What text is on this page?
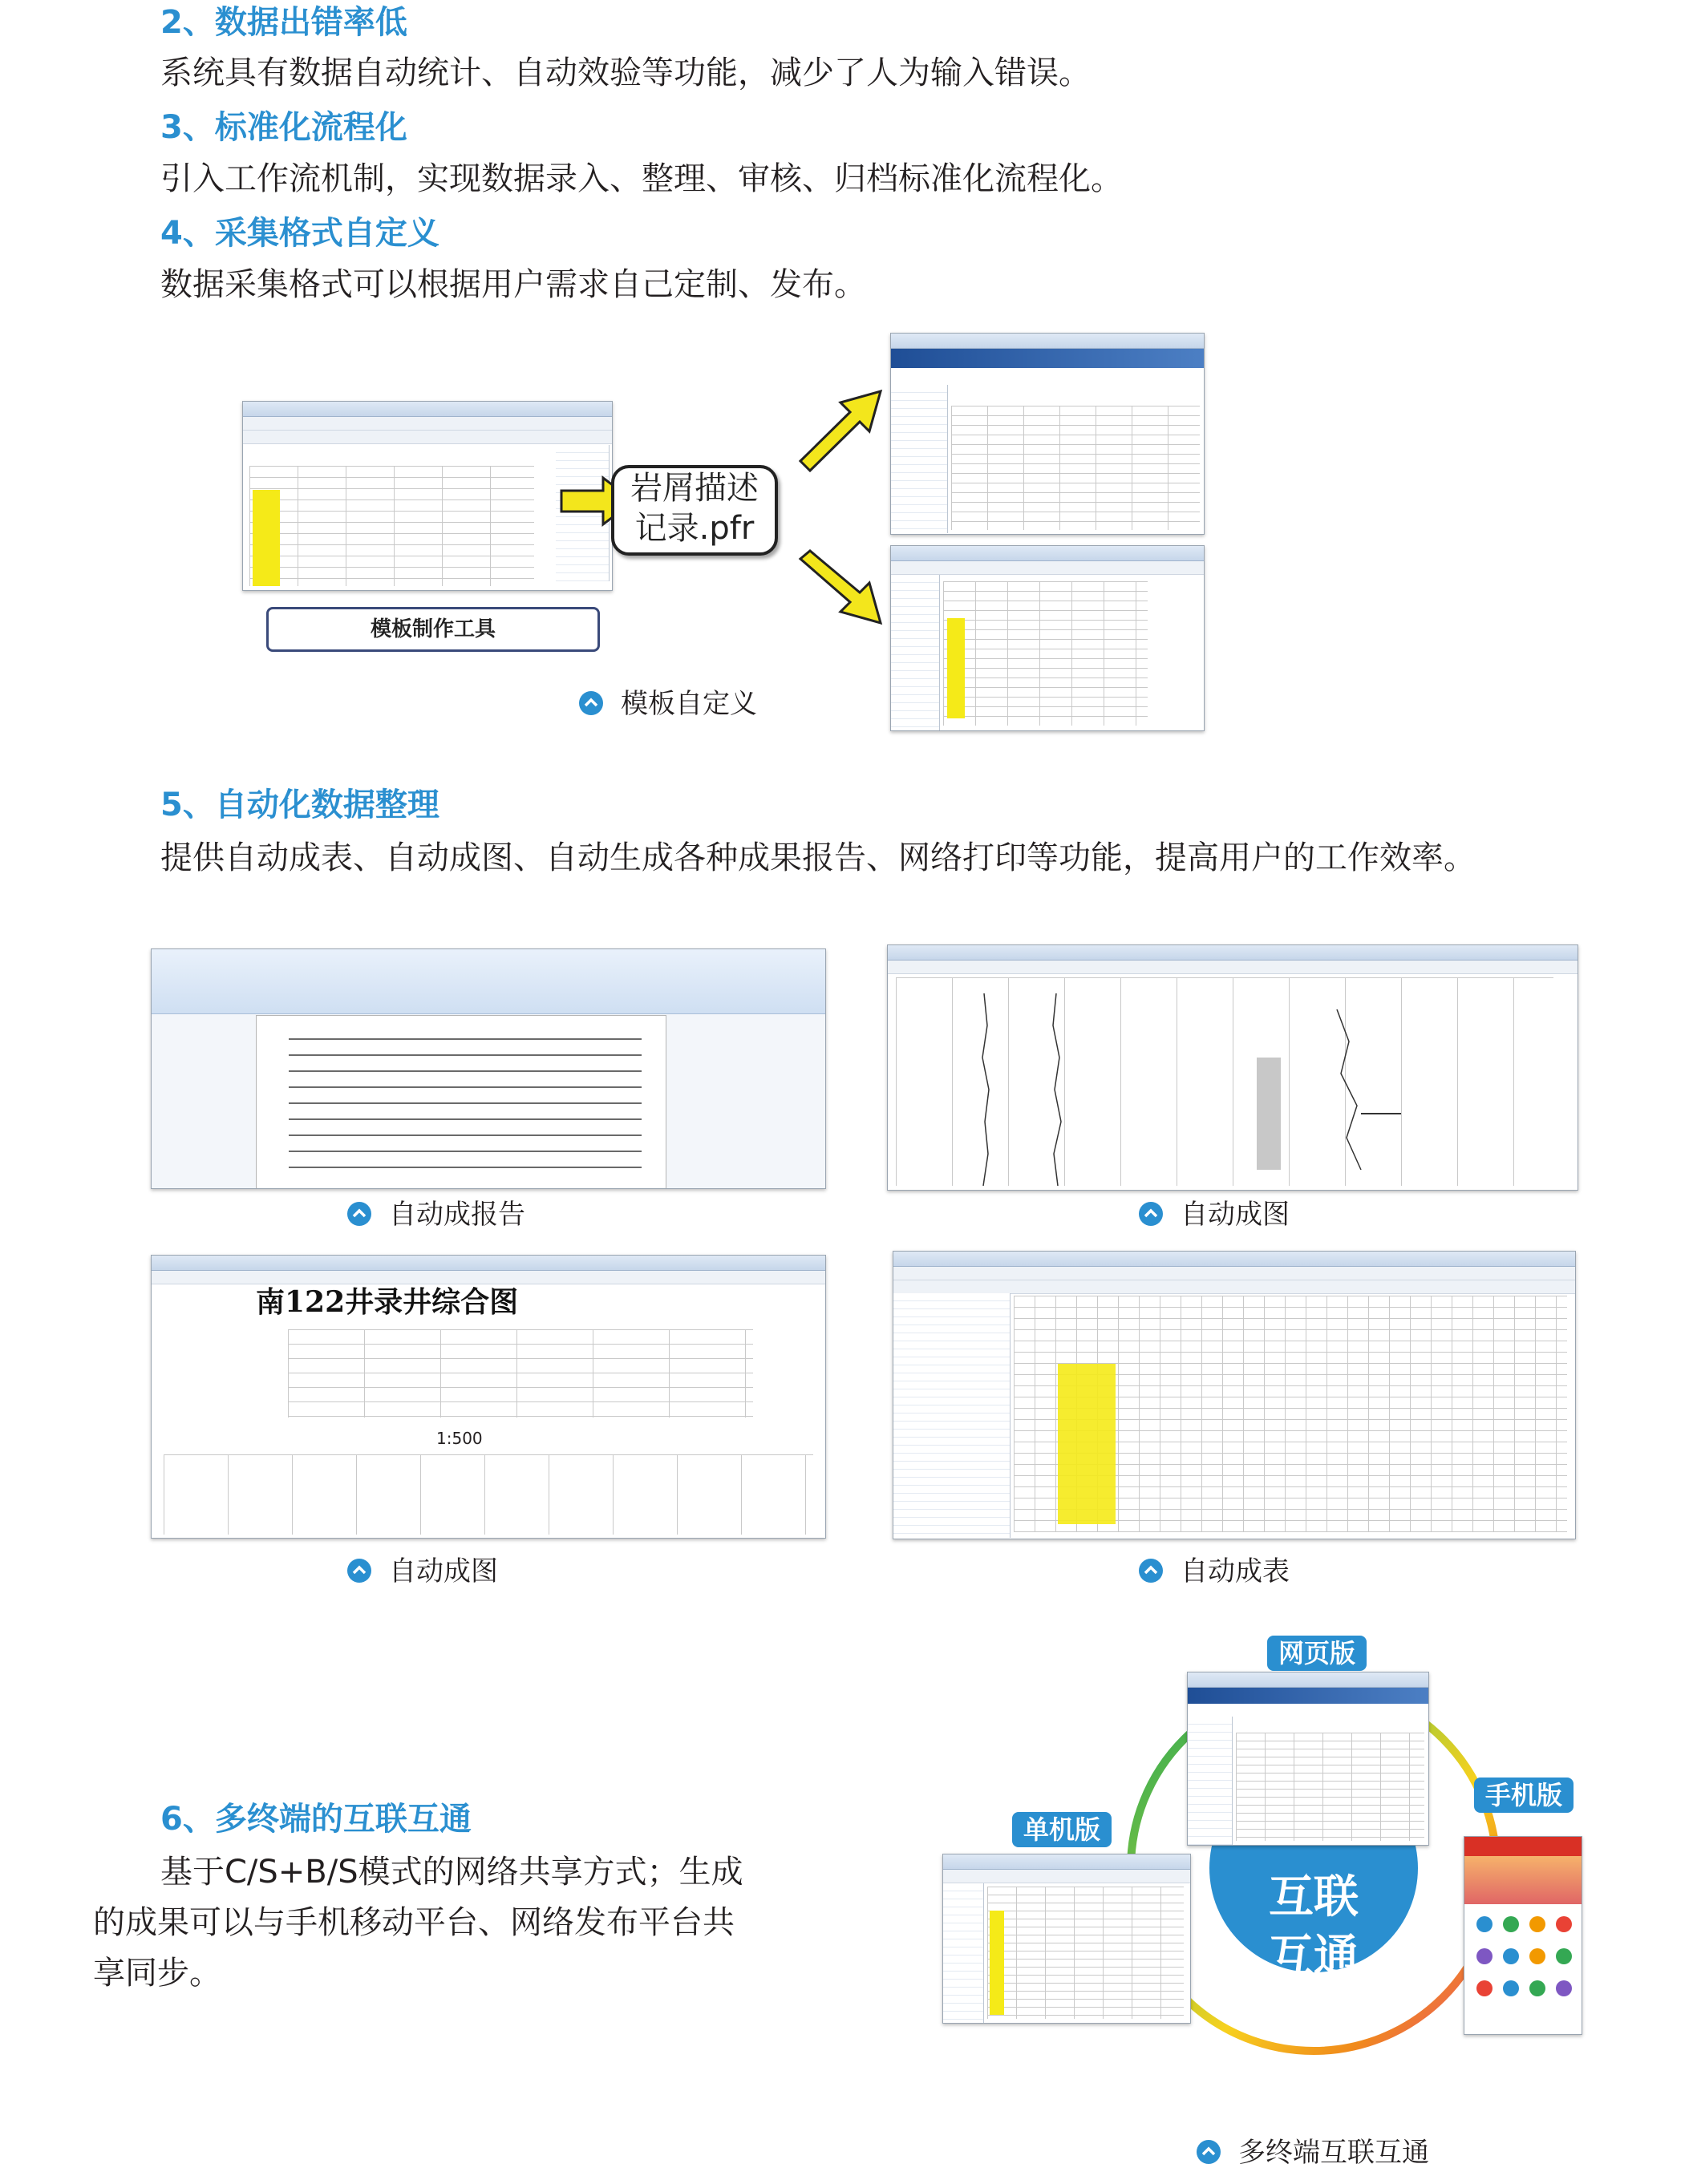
2、数据出错率低
系统具有数据自动统计、自动效验等功能，减少了人为输入错误。
3、标准化流程化
引入工作流机制，实现数据录入、整理、审核、归档标准化流程化。
4、采集格式自定义
数据采集格式可以根据用户需求自己定制、发布。
模板制作工具
岩屑描述
记录.pfr
模板自定义
5、自动化数据整理
提供自动成表、自动成图、自动生成各种成果报告、网络打印等功能，提高用户的工作效率。
自动成报告	自动成图
南122井录井综合图
1:500
自动成图	自动成表
6、多终端的互联互通
基于C/S+B/S模式的网络共享方式；生成
的成果可以与手机移动平台、网络发布平台共
享同步。
互联
互通
网页版
手机版
单机版
多终端互联互通
